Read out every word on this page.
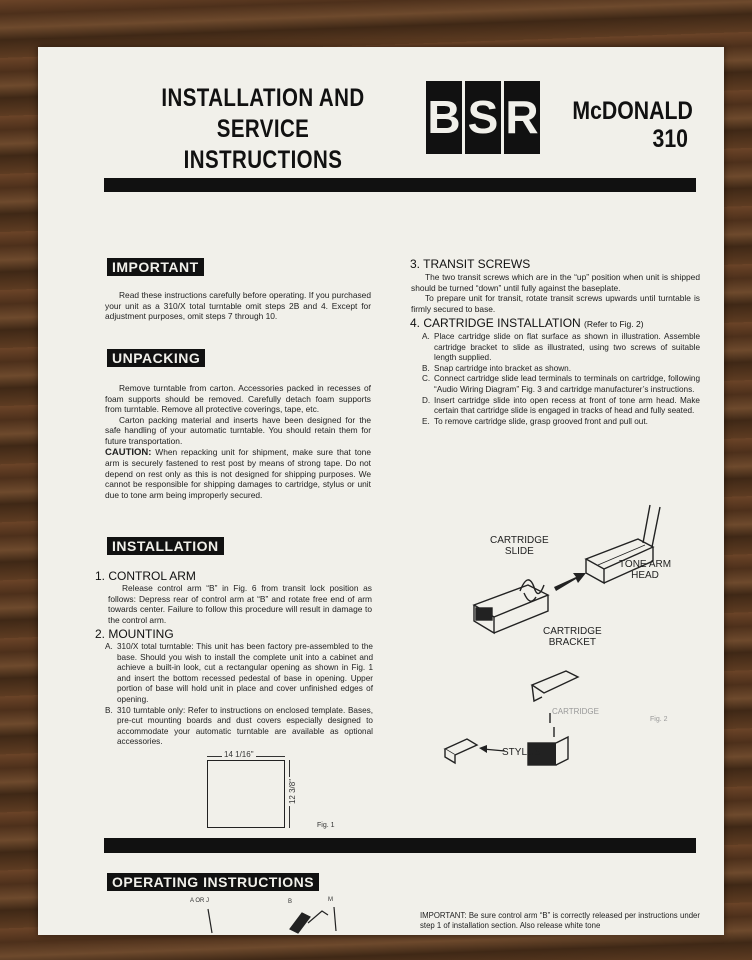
INSTALLATION AND SERVICE
INSTRUCTIONS
B S R McDONALD
310
IMPORTANT

Read these instructions carefully before operating. If you purchased your unit as a 310/X total turntable omit steps 2B and 4. Except for adjustment purposes, omit steps 7 through 10.

UNPACKING

Remove turntable from carton. Accessories packed in recesses of foam supports should be removed. Carefully detach foam supports from turntable. Remove all protective coverings, tape, etc.

Carton packing material and inserts have been designed for the safe handling of your automatic turntable. You should retain them for future transportation.

CAUTION: When repacking unit for shipment, make sure that tone arm is securely fastened to rest post by means of strong tape. Do not depend on rest only as this is not designed for shipping purposes. We cannot be responsible for shipping damages to cartridge, stylus or unit due to tone arm being improperly secured.

INSTALLATION
1. CONTROL ARM

Release control arm “B” in Fig. 6 from transit lock position as follows: Depress rear of control arm at “B” and rotate free end of arm towards center. Failure to follow this procedure will result in damage to the control arm.

2. MOUNTING
A. 310/X total turntable: This unit has been factory pre-assembled to the base. Should you wish to install the complete unit into a cabinet and achieve a built-in look, cut a rectangular opening as shown in Fig. 1 and insert the bottom recessed pedestal of base in opening. Upper portion of base will hold unit in place and cover unfinished edges of opening.
B. 310 turntable only: Refer to instructions on enclosed template. Bases, pre-cut mounting boards and dust covers especially designed to accommodate your automatic turntable are available as optional accessories.
14 1/16"
12 3/8"
Fig. 1
3. TRANSIT SCREWS

The two transit screws which are in the “up” position when unit is shipped should be turned “down” until fully against the baseplate.

To prepare unit for transit, rotate transit screws upwards until turntable is firmly secured to base.

4. CARTRIDGE INSTALLATION (Refer to Fig. 2)
A. Place cartridge slide on flat surface as shown in illustration. Assemble cartridge bracket to slide as illustrated, using two screws of suitable length supplied.
B. Snap cartridge into bracket as shown.
C. Connect cartridge slide lead terminals to terminals on cartridge, following “Audio Wiring Diagram” Fig. 3 and cartridge manufacturer’s instructions.
D. Insert cartridge slide into open recess at front of tone arm head. Make certain that cartridge slide is engaged in tracks of head and fully seated.
E. To remove cartridge slide, grasp grooved front and pull out.
CARTRIDGE
SLIDE
TONE ARM
HEAD
CARTRIDGE
BRACKET
CARTRIDGE
Fig. 2
STYLUS
OPERATING INSTRUCTIONS
A OR J	B	M
IMPORTANT: Be sure control arm “B” is correctly released per instructions under step 1 of installation section. Also release white tone
